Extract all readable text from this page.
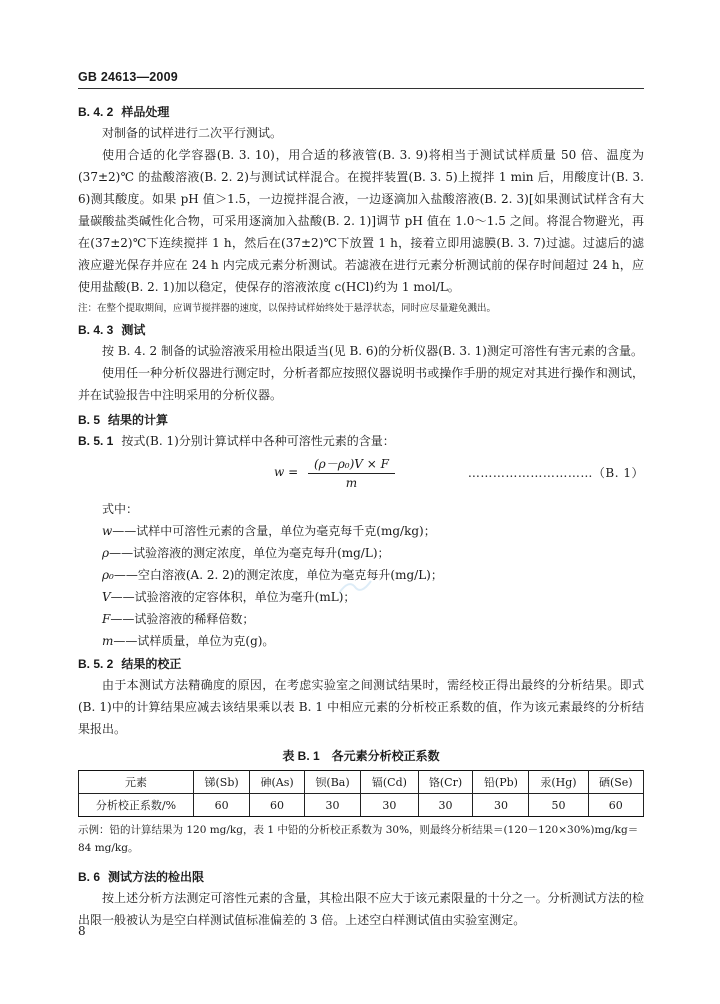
GB 24613—2009
B. 4. 2 样品处理

对制备的试样进行二次平行测试。

使用合适的化学容器(B. 3. 10)，用合适的移液管(B. 3. 9)将相当于测试试样质量 50 倍、温度为 (37±2)℃ 的盐酸溶液(B. 2. 2)与测试试样混合。在搅拌装置(B. 3. 5)上搅拌 1 min 后，用酸度计(B. 3. 6)测其酸度。如果 pH 值＞1.5，一边搅拌混合液，一边逐滴加入盐酸溶液(B. 2. 3)[如果测试试样含有大量碳酸盐类碱性化合物，可采用逐滴加入盐酸(B. 2. 1)]调节 pH 值在 1.0～1.5 之间。将混合物避光，再在(37±2)℃下连续搅拌 1 h，然后在(37±2)℃下放置 1 h，接着立即用滤膜(B. 3. 7)过滤。过滤后的滤液应避光保存并应在 24 h 内完成元素分析测试。若滤液在进行元素分析测试前的保存时间超过 24 h，应使用盐酸(B. 2. 1)加以稳定，使保存的溶液浓度 c(HCl)约为 1 mol/L。

注：在整个提取期间，应调节搅拌器的速度，以保持试样始终处于悬浮状态，同时应尽量避免溅出。

B. 4. 3 测试

按 B. 4. 2 制备的试验溶液采用检出限适当(见 B. 6)的分析仪器(B. 3. 1)测定可溶性有害元素的含量。

使用任一种分析仪器进行测定时，分析者都应按照仪器说明书或操作手册的规定对其进行操作和测试，并在试验报告中注明采用的分析仪器。

B. 5 结果的计算

B. 5. 1 按式(B. 1)分别计算试样中各种可溶性元素的含量：

w =
(ρ－ρ₀)V × F
m
…………………………（B. 1）

式中：

w——试样中可溶性元素的含量，单位为毫克每千克(mg/kg)；
ρ——试验溶液的测定浓度，单位为毫克每升(mg/L)；
ρ₀——空白溶液(A. 2. 2)的测定浓度，单位为毫克每升(mg/L)；
V——试验溶液的定容体积，单位为毫升(mL)；
F——试验溶液的稀释倍数；
m——试样质量，单位为克(g)。
B. 5. 2 结果的校正

由于本测试方法精确度的原因，在考虑实验室之间测试结果时，需经校正得出最终的分析结果。即式(B. 1)中的计算结果应减去该结果乘以表 B. 1 中相应元素的分析校正系数的值，作为该元素最终的分析结果报出。

表 B. 1　各元素分析校正系数
元素	锑(Sb)	砷(As)	钡(Ba)	镉(Cd)	铬(Cr)	铅(Pb)	汞(Hg)	硒(Se)
分析校正系数/%	60	60	30	30	30	30	50	60

示例：铅的计算结果为 120 mg/kg，表 1 中铅的分析校正系数为 30%，则最终分析结果＝(120－120×30%)mg/kg＝84 mg/kg。

B. 6 测试方法的检出限

按上述分析方法测定可溶性元素的含量，其检出限不应大于该元素限量的十分之一。分析测试方法的检出限一般被认为是空白样测试值标准偏差的 3 倍。上述空白样测试值由实验室测定。

8
